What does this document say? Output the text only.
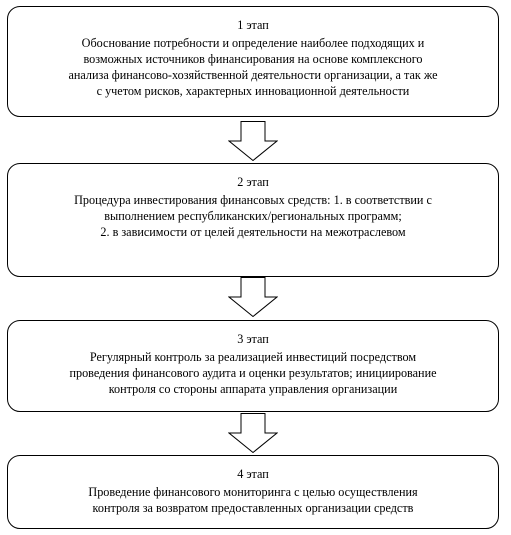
1 этап
Обоснование потребности и определение наиболее подходящих и
возможных источников финансирования на основе комплексного
анализа финансово-хозяйственной деятельности организации, а так же
с учетом рисков, характерных инновационной деятельности
2 этап
Процедура инвестирования финансовых средств: 1. в соответствии с
выполнением республиканских/региональных программ;
2. в зависимости от целей деятельности на межотраслевом
3 этап
Регулярный контроль за реализацией инвестиций посредством
проведения финансового аудита и оценки результатов; инициирование
контроля со стороны аппарата управления организации
4 этап
Проведение финансового мониторинга с целью осуществления
контроля за возвратом предоставленных организации средств
